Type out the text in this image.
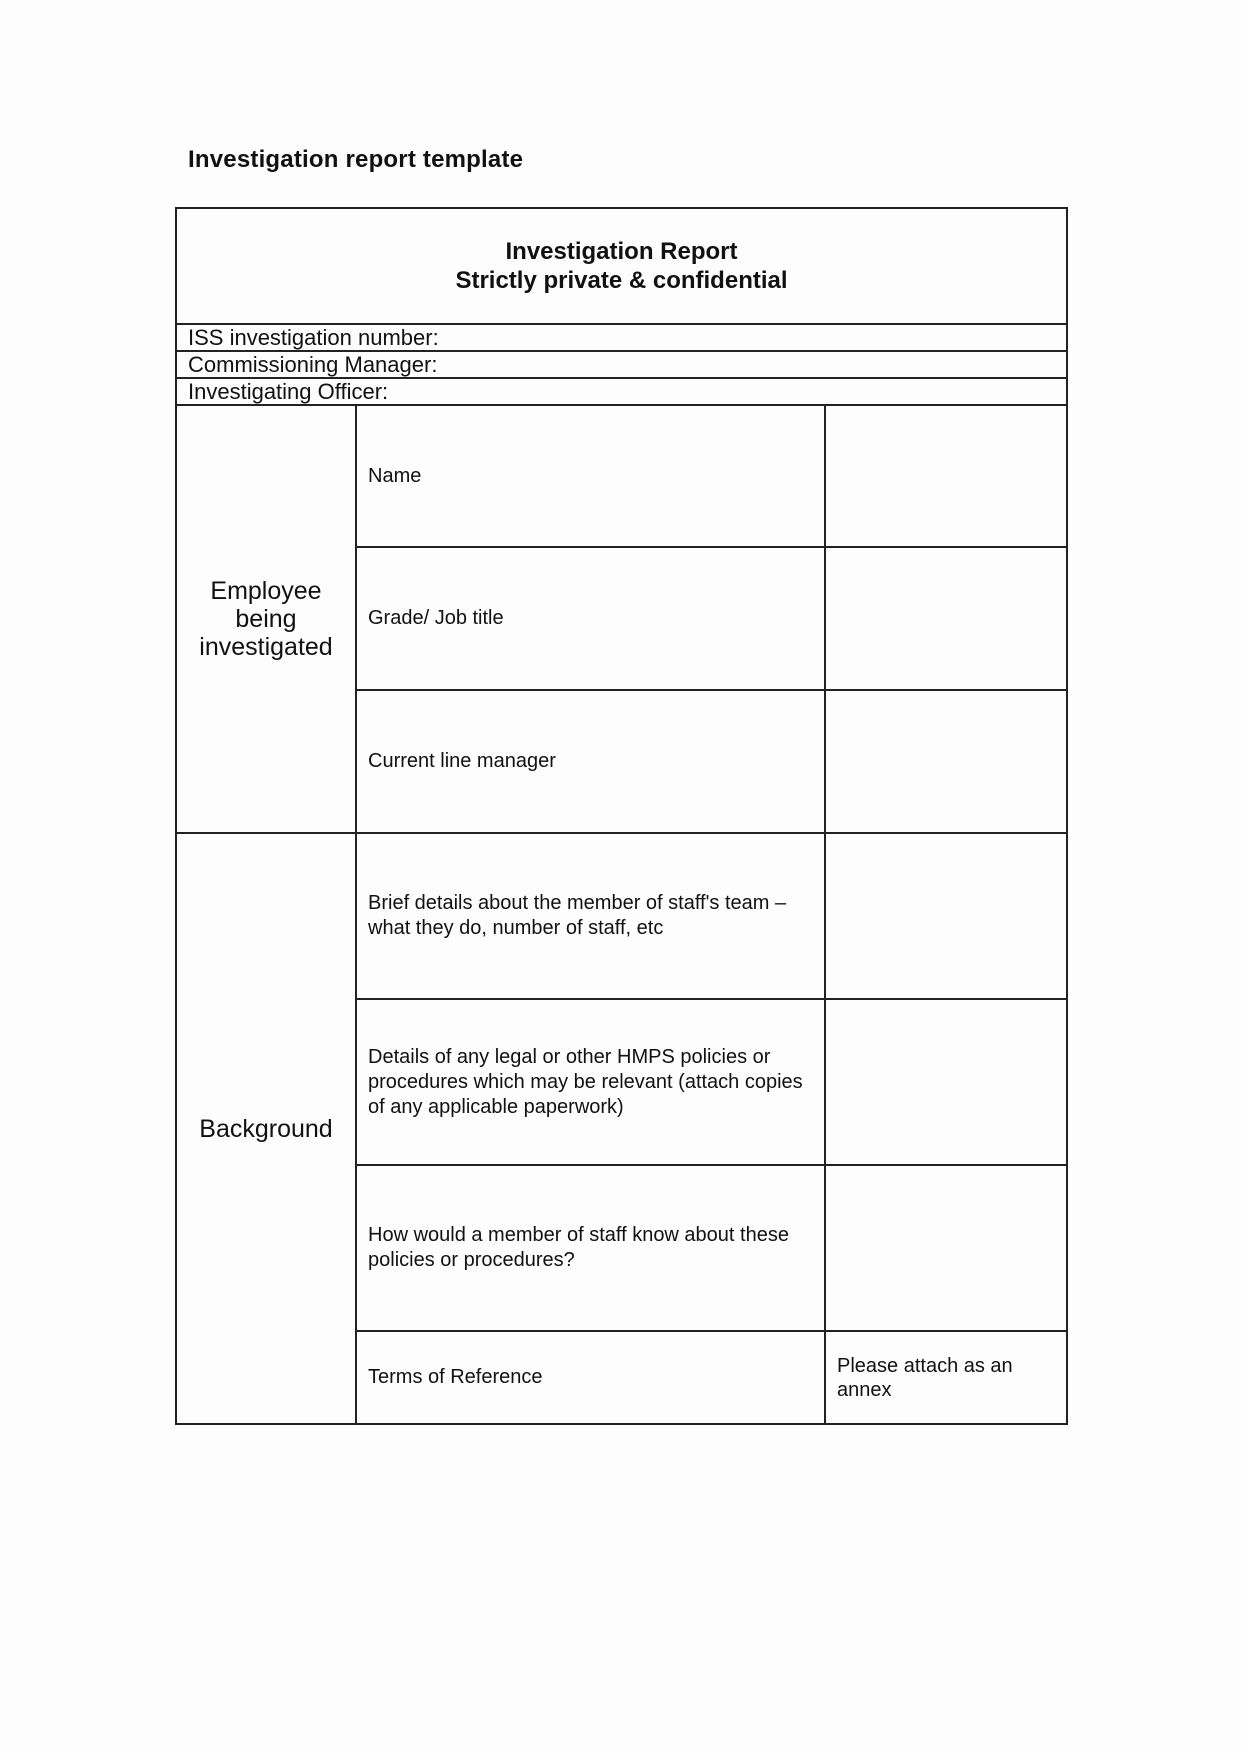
Investigation report template
Investigation Report
Strictly private & confidential		

ISS investigation number:		
Commissioning Manager:		
Investigating Officer:		
Employee being investigated	Name	
	Grade/ Job title	
	Current line manager	
Background	Brief details about the member of staff's team – what they do, number of staff, etc	
	Details of any legal or other HMPS policies or procedures which may be relevant (attach copies of any applicable paperwork)	
	How would a member of staff know about these policies or procedures?	
	Terms of Reference	Please attach as an annex
